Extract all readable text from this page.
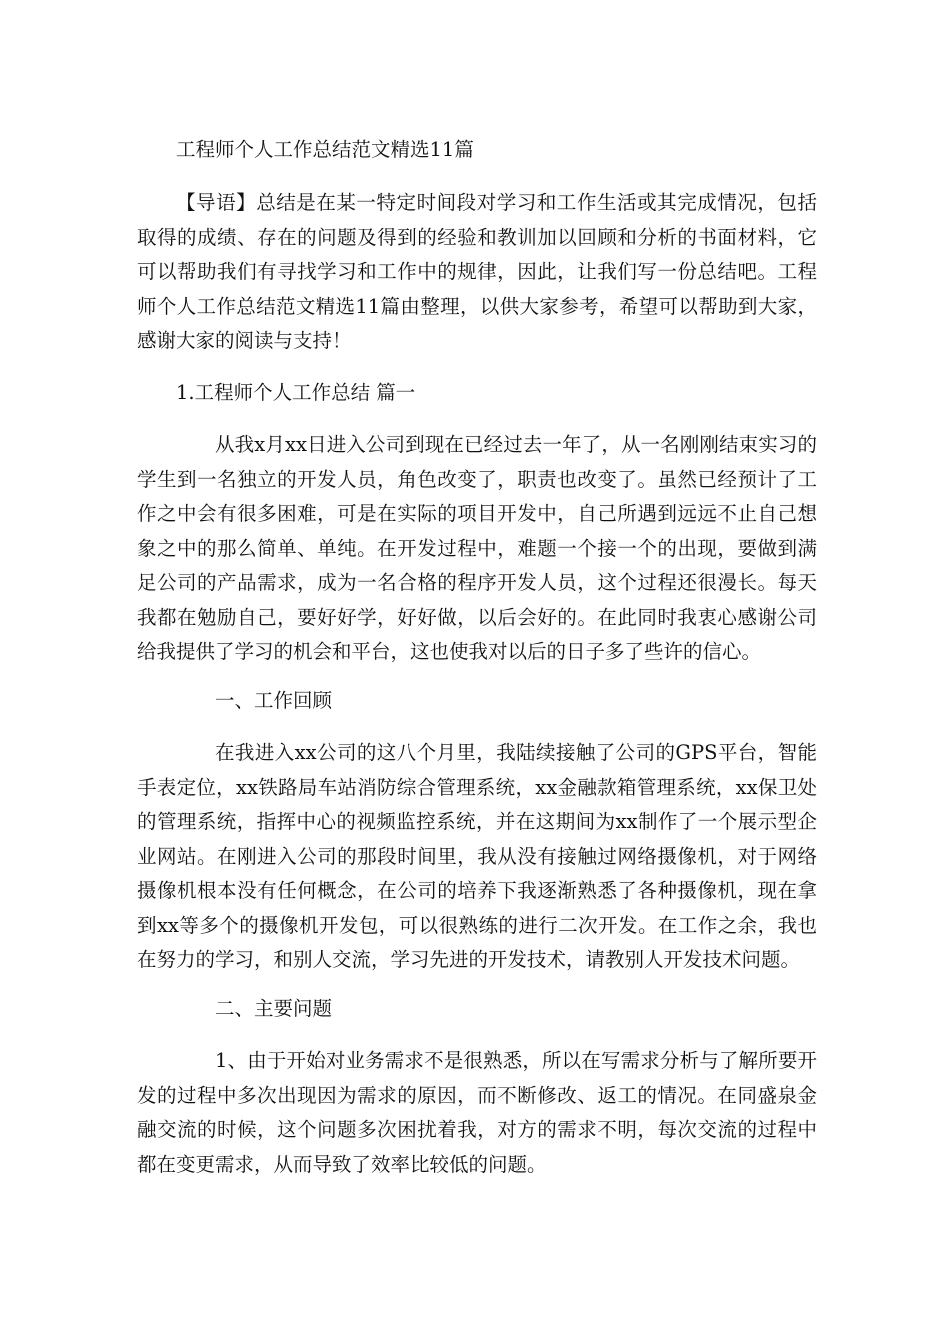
工程师个人工作总结范文精选11篇

【导语】总结是在某一特定时间段对学习和工作生活或其完成情况，包括取得的成绩、存在的问题及得到的经验和教训加以回顾和分析的书面材料，它可以帮助我们有寻找学习和工作中的规律，因此，让我们写一份总结吧。工程师个人工作总结范文精选11篇由整理，以供大家参考，希望可以帮助到大家，感谢大家的阅读与支持！

1.工程师个人工作总结 篇一

从我x月xx日进入公司到现在已经过去一年了，从一名刚刚结束实习的学生到一名独立的开发人员，角色改变了，职责也改变了。虽然已经预计了工作之中会有很多困难，可是在实际的项目开发中，自己所遇到远远不止自己想象之中的那么简单、单纯。在开发过程中，难题一个接一个的出现，要做到满足公司的产品需求，成为一名合格的程序开发人员，这个过程还很漫长。每天我都在勉励自己，要好好学，好好做，以后会好的。在此同时我衷心感谢公司给我提供了学习的机会和平台，这也使我对以后的日子多了些许的信心。

一、工作回顾

在我进入xx公司的这八个月里，我陆续接触了公司的GPS平台，智能手表定位，xx铁路局车站消防综合管理系统，xx金融款箱管理系统，xx保卫处的管理系统，指挥中心的视频监控系统，并在这期间为xx制作了一个展示型企业网站。在刚进入公司的那段时间里，我从没有接触过网络摄像机，对于网络摄像机根本没有任何概念，在公司的培养下我逐渐熟悉了各种摄像机，现在拿到xx等多个的摄像机开发包，可以很熟练的进行二次开发。在工作之余，我也在努力的学习，和别人交流，学习先进的开发技术，请教别人开发技术问题。

二、主要问题

1、由于开始对业务需求不是很熟悉，所以在写需求分析与了解所要开发的过程中多次出现因为需求的原因，而不断修改、返工的情况。在同盛泉金融交流的时候，这个问题多次困扰着我，对方的需求不明，每次交流的过程中都在变更需求，从而导致了效率比较低的问题。
